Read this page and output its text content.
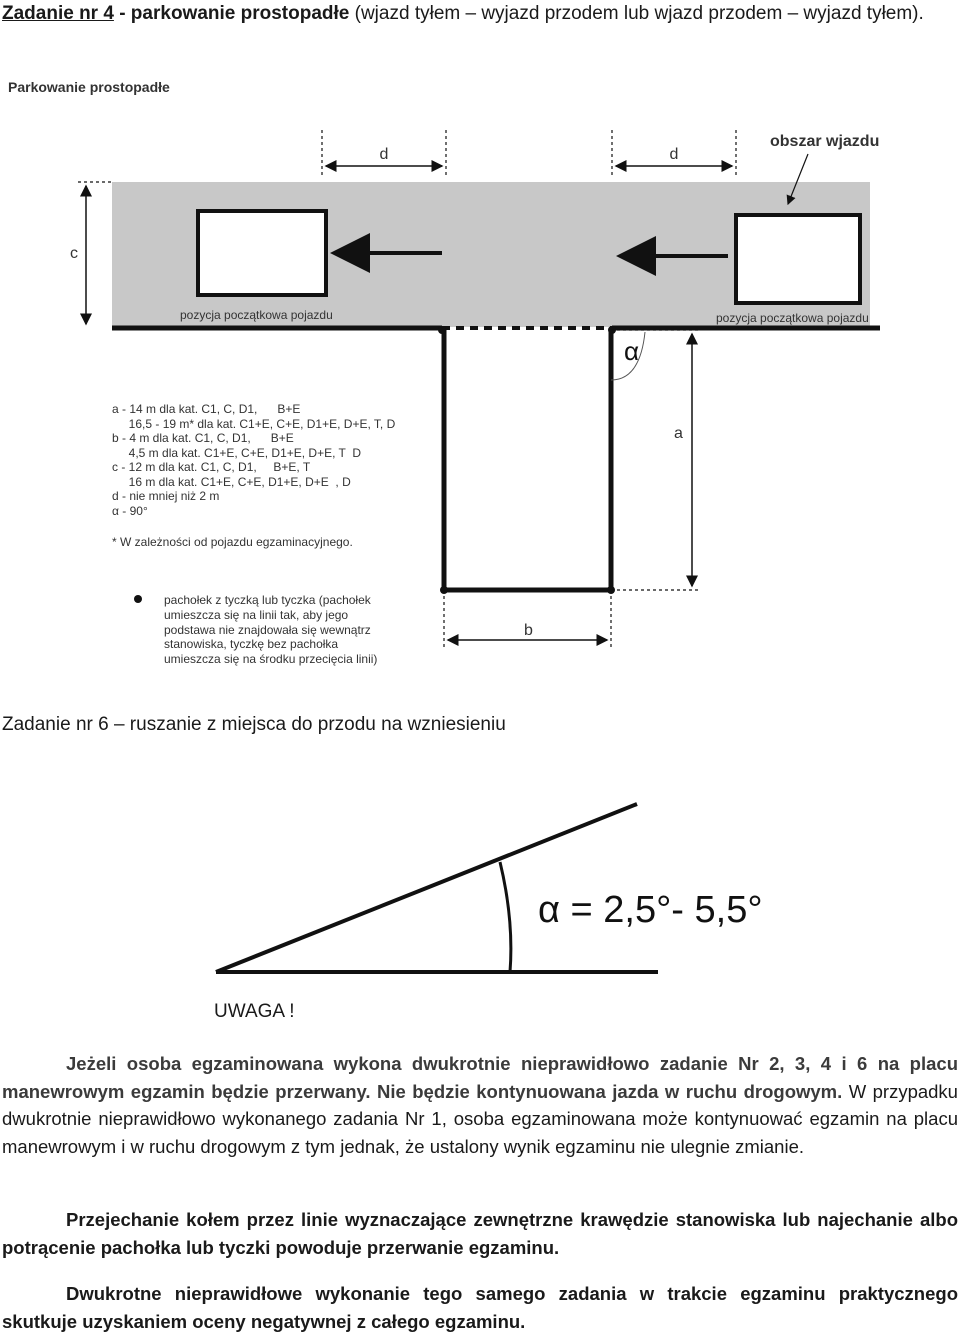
Zadanie nr 4 - parkowanie prostopadłe (wjazd tyłem – wyjazd przodem lub wjazd przodem – wyjazd tyłem).
Parkowanie prostopadłe
α
d	d
c
a
b
obszar wjazdu
pozycja początkowa pojazdu	pozycja początkowa pojazdu
a - 14 m dla kat. C1, C, D1,      B+E
16,5 - 19 m* dla kat. C1+E, C+E, D1+E, D+E, T, D
b - 4 m dla kat. C1, C, D1,      B+E
4,5 m dla kat. C1+E, C+E, D1+E, D+E, T  D
c - 12 m dla kat. C1, C, D1,     B+E, T
16 m dla kat. C1+E, C+E, D1+E, D+E  , D
d - nie mniej niż 2 m
α - 90°
* W zależności od pojazdu egzaminacyjnego.
pachołek z tyczką lub tyczka (pachołek
umieszcza się na linii tak, aby jego
podstawa nie znajdowała się wewnątrz
stanowiska, tyczkę bez pachołka
umieszcza się na środku przecięcia linii)
Zadanie nr 6 – ruszanie z miejsca do przodu na wzniesieniu
α = 2,5°- 5,5°
UWAGA !
Jeżeli osoba egzaminowana wykona dwukrotnie nieprawidłowo zadanie Nr 2, 3, 4 i 6 na placu manewrowym egzamin będzie przerwany. Nie będzie kontynuowana jazda w ruchu drogowym. W przypadku dwukrotnie nieprawidłowo wykonanego zadania Nr 1, osoba egzaminowana może kontynuować egzamin na placu manewrowym i w ruchu drogowym z tym jednak, że ustalony wynik egzaminu nie ulegnie zmianie.
Przejechanie kołem przez linie wyznaczające zewnętrzne krawędzie stanowiska lub najechanie albo potrącenie pachołka lub tyczki powoduje przerwanie egzaminu.
Dwukrotne nieprawidłowe wykonanie tego samego zadania w trakcie egzaminu praktycznego skutkuje uzyskaniem oceny negatywnej z całego egzaminu.
